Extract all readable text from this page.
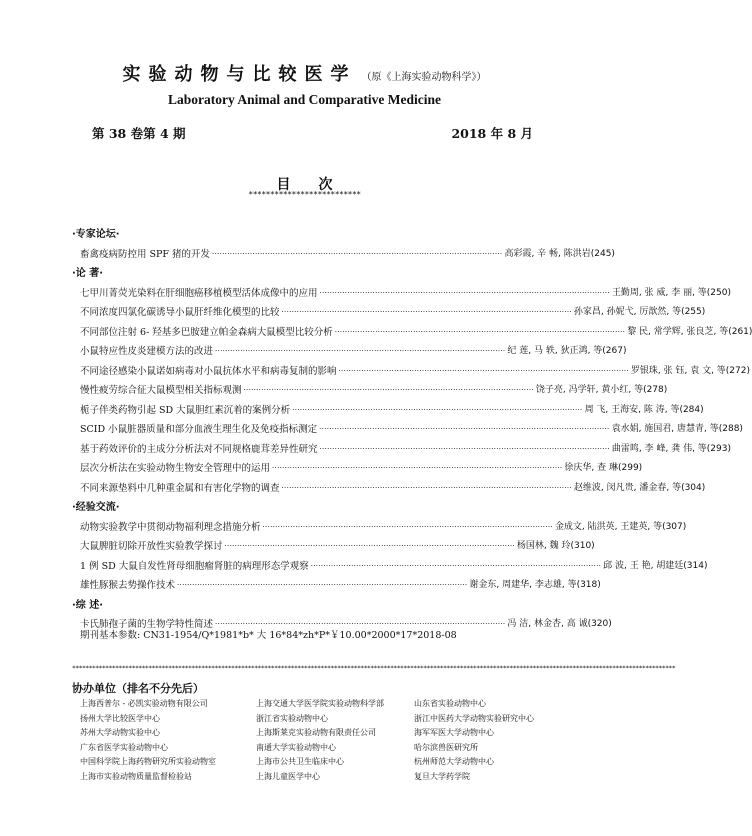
实验动物与比较医学 （原《上海实验动物科学》）
Laboratory Animal and Comparative Medicine
第 38 卷第 4 期	2018 年 8 月
目次
**************************
·专家论坛·
畜禽疫病防控用 SPF 猪的开发 ··················································································································· 高彩霞, 辛 畅, 陈洪岩(245)
·论 著·
七甲川菁荧光染料在肝细胞癌移植模型活体成像中的应用 ··················································································································· 王勤周, 张 威, 李 丽, 等(250)
不同浓度四氯化碳诱导小鼠肝纤维化模型的比较 ··················································································································· 孙家昌, 孙妮弋, 厉歆然, 等(255)
不同部位注射 6- 羟基多巴胺建立帕金森病大鼠模型比较分析 ··················································································································· 黎 民, 常学辉, 张良芝, 等(261)
小鼠特应性皮炎建模方法的改进 ··················································································································· 纪 莲, 马 轶, 狄正鸿, 等(267)
不同途径感染小鼠诺如病毒对小鼠抗体水平和病毒复制的影响 ··················································································································· 罗银珠, 张 钰, 袁 文, 等(272)
慢性疲劳综合征大鼠模型相关指标观测 ··················································································································· 饶子亮, 冯学轩, 黄小红, 等(278)
栀子伴类药物引起 SD 大鼠胆红素沉着的案例分析 ··················································································································· 周 飞, 王海安, 陈 涛, 等(284)
SCID 小鼠脏器质量和部分血液生理生化及免疫指标测定 ··················································································································· 袁水娟, 施国君, 唐慧青, 等(288)
基于药效评价的主成分分析法对不同规格鹿茸差异性研究 ··················································································································· 曲雷鸣, 李 峰, 龚 伟, 等(293)
层次分析法在实验动物生物安全管理中的运用 ··················································································································· 徐庆华, 查 琳(299)
不同来源垫料中几种重金属和有害化学物的调查 ··················································································································· 赵维波, 闵凡贵, 潘金春, 等(304)
·经验交流·
动物实验教学中贯彻动物福利理念措施分析 ··················································································································· 金成文, 陆洪英, 王建英, 等(307)
大鼠脾脏切除开放性实验教学探讨 ··················································································································· 杨国林, 魏 玲(310)
1 例 SD 大鼠自发性肾母细胞瘤肾脏的病理形态学观察 ··················································································································· 邱 波, 王 艳, 胡建廷(314)
雄性豚猴去势操作技术 ··················································································································· 谢金东, 周建华, 李志雄, 等(318)
·综 述·
卡氏肺孢子菌的生物学特性简述 ··················································································································· 冯 洁, 林金杏, 高 诚(320)
期刊基本参数: CN31-1954/Q*1981*b* 大 16*84*zh*P*￥10.00*2000*17*2018-08
**************************************************************************************************************************************************************************************
协办单位（排名不分先后）
上海西普尔 - 必凯实验动物有限公司	上海交通大学医学院实验动物科学部	山东省实验动物中心
扬州大学比较医学中心	浙江省实验动物中心	浙江中医药大学动物实验研究中心
苏州大学动物实验中心	上海斯莱克实验动物有限责任公司	海军军医大学动物中心
广东省医学实验动物中心	南通大学实验动物中心	哈尔滨兽医研究所
中国科学院上海药物研究所实验动物室	上海市公共卫生临床中心	杭州师范大学动物中心
上海市实验动物质量监督检验站	上海儿童医学中心	复旦大学药学院
